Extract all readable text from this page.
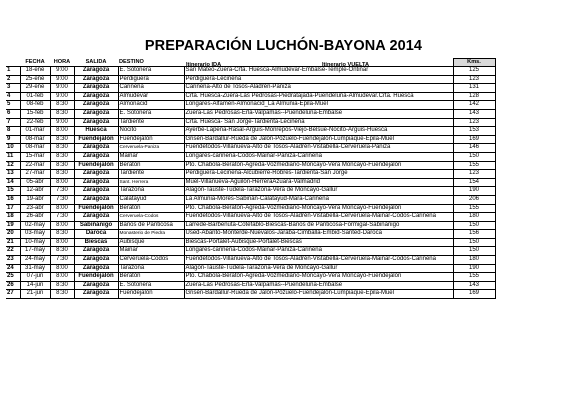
PREPARACIÓN LUCHÓN-BAYONA 2014
	FECHA	HORA	SALIDA	DESTINO	Itinerario IDA Itinerario VUELTA	Kms.
1	18-ene	9:00	Zaragoza	E. Sotonera	San Mateo-Zuera-Crta. Huesca-Almudevar-Embalse-Temple-Ontinar	125
2	25-ene	9:00	Zaragoza	Perdiguera	Perdiguera-Leciñena	123
3	29-ene	9:00	Zaragoza	Cariñena	Cariñena-Alto de Tosos-Aladrén-Paniza	131
4	01-feb	9:00	Zaragoza	Almudevar	Crta. Huesca-Zuera-Las Pedrosas-Piedratajada-Puendeluna-Almudevar.Crta. Huesca	128
5	08-feb	8:30	Zaragoza	Almonacid	Longares-Alfamén-Almonacid_La Almunia-Epila-Muel	142
6	15-feb	8:30	Zaragoza	E. Sotonera	Zuera-Las Pedrosas-Erla-Valpamas--Puendeluna-Embalse	143
7	22-feb	9:00	Zaragoza	Tardiente	Crta. Huesca- San Jorge-Tardienta-Leciñena	123
8	01-mar	8:00	Huesca	Nocito	Ayerbe-Lapeña-Rasal-Arguis-Monrepós-Viejo-Belsue-Nocito-Arguis-Huesca	153
9	08-mar	8:30	Fuendejalón	Fuendejalón	Grisén-Bardallur-Rueda de Jalón-Pozuelo-Fuendejalón-Lumpiaque-Epila-Muel	169
10	08-mar	8:30	Zaragoza	Cerveruela-Paniza	Fuendetodos-Villanueva-Alto de Tosos-Aladrén-Vistabella-Cerveruela-Paniza	146
11	15-mar	8:30	Zaragoza	Mainar	Longares-cariñena-Codos-Mainar-Paniza-Cariñena	150
12	22-mar	8:30	Fuendejalón	Beratón	Pto. Chabola-Beratón-Agreda-Vozmediano-Moncayo-Vera Moncayo-Fuendejalón	155
13	27-mar	8:30	Zaragoza	Tardiente	Perdiguera-Leciñena-Alcubierre-Robres-Tardienta-San Jorge	123
14	05-abr	8:00	Zaragoza	Sant. Herrera	Muel-Villanueva-Aguilón-HerreraAzuara-Valmadrid	154
15	12-abr	7:30	Zaragoza	Tarazona	Alagón-Tauste-Tudela-Tarazona-Vera de Moncayo-Gallur	190
16	19-abr	7:30	Zaragoza	Calatayud	La Almunia-Morés-Sabiñán-Calatayud-Mara-Cariñena	206
17	23-abr	8:00	Fuendejalón	Beratón	Pto. Chabola-Beratón-Agreda-Vozmediano-Moncayo-Vera Moncayo-Fuendejalón	155
18	26-abr	7:30	Zaragoza	Cerveruela-Codos	Fuendetodos-Villanueva-Alto de Tosos-Aladrén-Vistabella-Cerveruela-Mainar-Codos-Cariñena	180
19	02-may	8:00	Sabiñánigo	Baños de Panticosa	Larrede-Barbenuta-Cotefablo-Biescas-Baños de Panticosa-Formigal-Sabiñánigo	150
20	03-may	8:30	Daroca	Monasterio de Piedra	Used-Abanto-Monterde-Nuevalos-Jaraba-Cimballa-Embid-Santed-Daroca	156
21	10-may	8:00	Biescas	Aubisque	Biescas-Portalet-Aubisque-Portalet-Biescas	150
22	17-may	8:30	Zaragoza	Mainar	Longares-cariñena-Codos-Mainar-Paniza-Cariñena	150
23	24-may	7:30	Zaragoza	Cerveruela-Codos	Fuendetodos-Villanueva-Alto de Tosos-Aladrén-Vistabella-Cerveruela-Mainar-Codos-Cariñena	180
24	31-may	8:00	Zaragoza	Tarazona	Alagón-Tauste-Tudela-Tarazona-Vera de Moncayo-Gallur	190
25	07-jun	8:00	Fuendejalón	Beratón	Pto. Chabola-Beratón-Agreda-Vozmediano-Moncayo-Vera Moncayo-Fuendejalón	155
26	14-jun	8:30	Zaragoza	E. Sotonera	Zuera-Las Pedrosas-Erla-Valpamas--Puendeluna-Embalse	143
27	21-jun	8:30	Zaragoza	Fuendejalón	Grisén-Bardallur-Rueda de Jalón-Pozuelo-Fuendejalón-Lumpiaque-Epila-Muel	169
